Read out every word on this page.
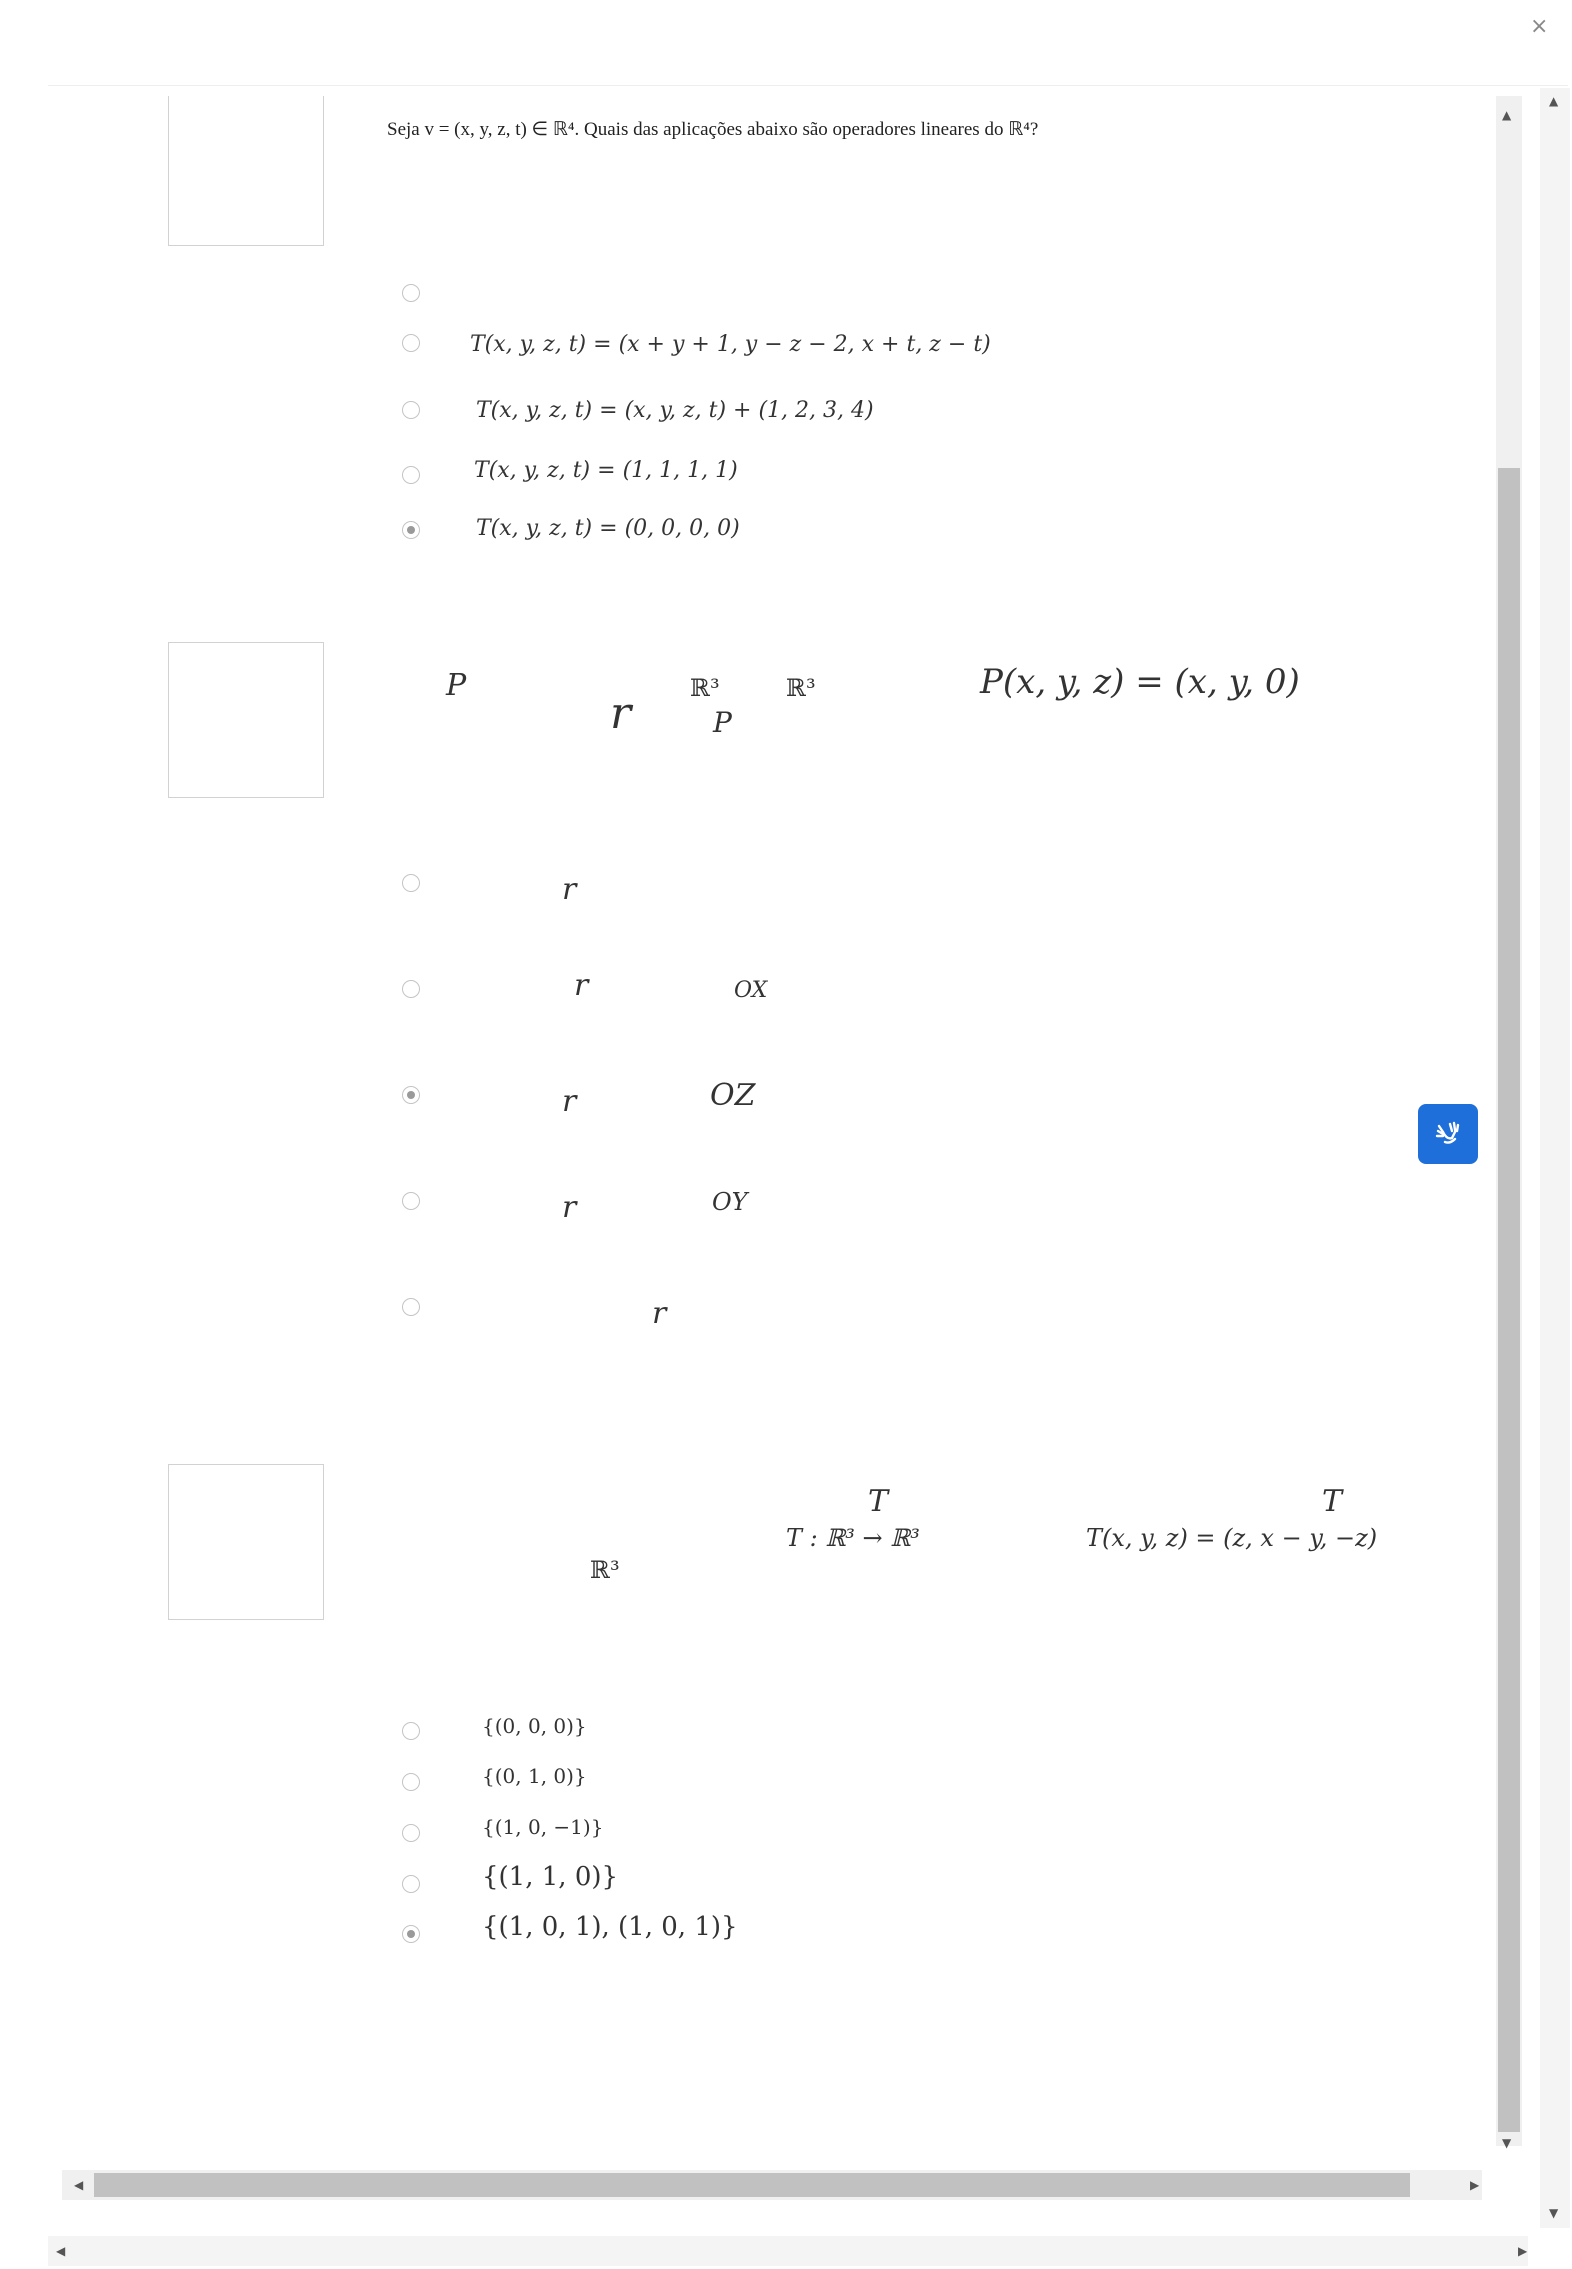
×
▲
▼
◀	▶
Seja v = (x, y, z, t) ∈ ℝ⁴. Quais das aplicações abaixo são operadores lineares do ℝ⁴?
T(x, y, z, t) = (x + y + 1, y − z − 2, x + t, z − t)
T(x, y, z, t) = (x, y, z, t) + (1, 2, 3, 4)
T(x, y, z, t) = (1, 1, 1, 1)
T(x, y, z, t) = (0, 0, 0, 0)
P
r ℝ³
P
ℝ³	P(x, y, z) = (x, y, 0)
r
r	OX
r	OZ
r	OY
r
T
T : ℝ³ → ℝ³
T
T(x, y, z) = (z, x − y, −z)
ℝ³
{(0, 0, 0)}
{(0, 1, 0)}
{(1, 0, −1)}
{(1, 1, 0)}
{(1, 0, 1), (1, 0, 1)}
▲
▼
◀	▶
